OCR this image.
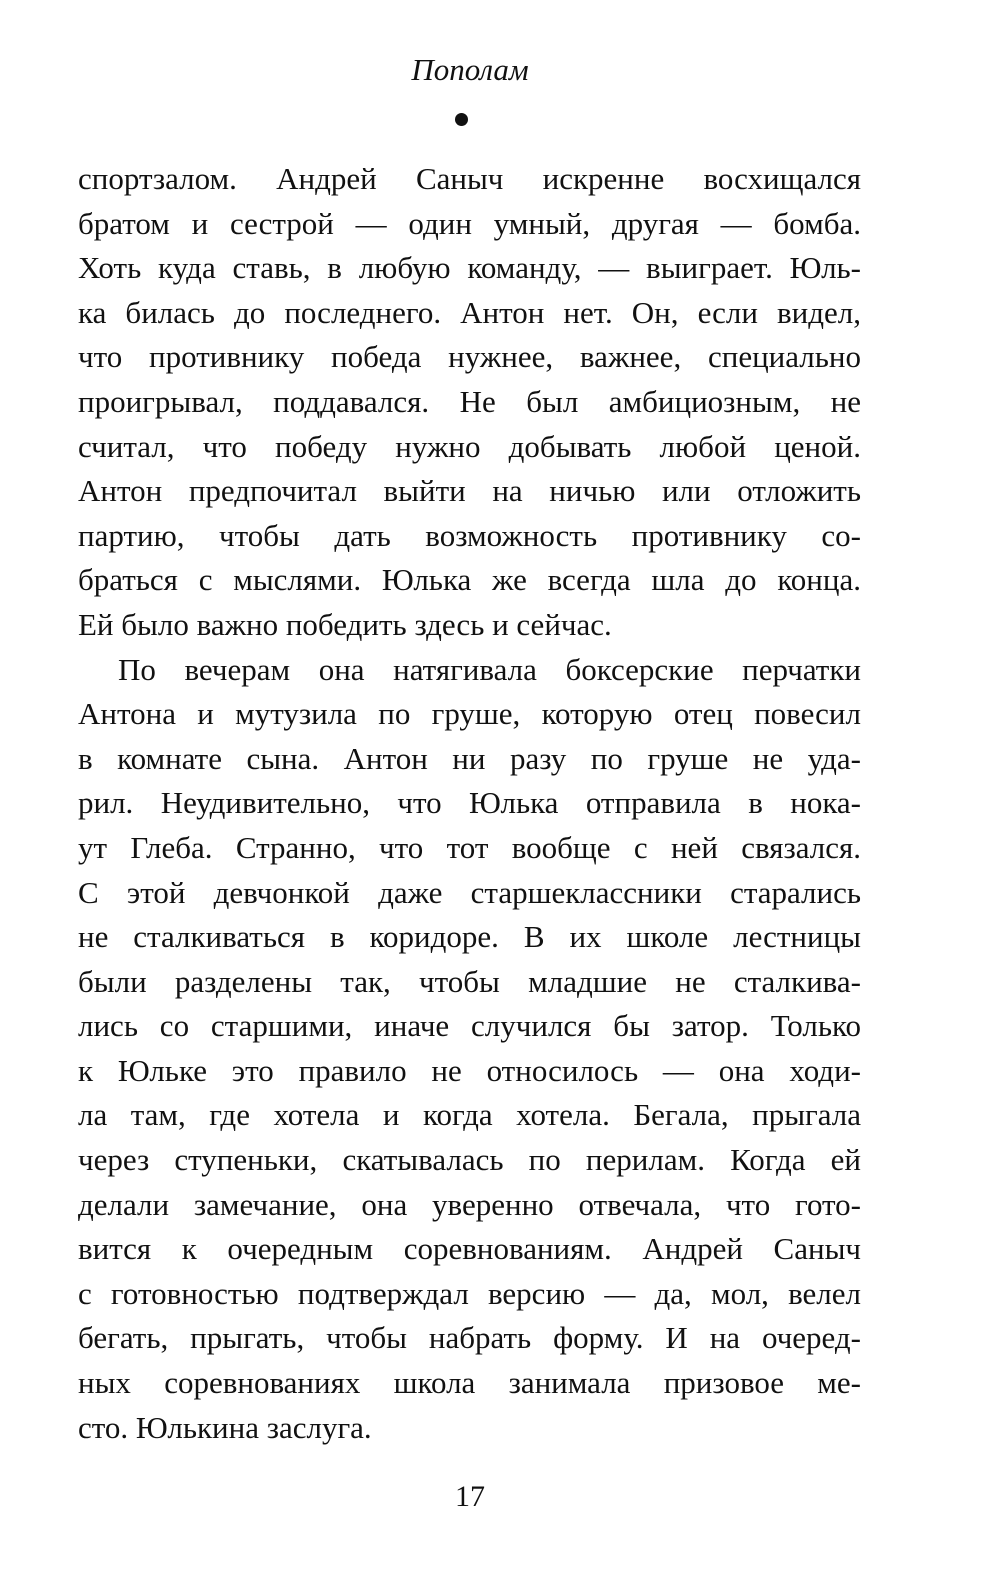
Пополам
спортзалом. Андрей Саныч искренне восхищался
братом и сестрой — один умный, другая — бомба.
Хоть куда ставь, в любую команду, — выиграет. Юль-
ка билась до последнего. Антон нет. Он, если видел,
что противнику победа нужнее, важнее, специально
проигрывал, поддавался. Не был амбициозным, не
считал, что победу нужно добывать любой ценой.
Антон предпочитал выйти на ничью или отложить
партию, чтобы дать возможность противнику со-
браться с мыслями. Юлька же всегда шла до конца.
Ей было важно победить здесь и сейчас.
По вечерам она натягивала боксерские перчатки
Антона и мутузила по груше, которую отец повесил
в комнате сына. Антон ни разу по груше не уда-
рил. Неудивительно, что Юлька отправила в нока-
ут Глеба. Странно, что тот вообще с ней связался.
С этой девчонкой даже старшеклассники старались
не сталкиваться в коридоре. В их школе лестницы
были разделены так, чтобы младшие не сталкива-
лись со старшими, иначе случился бы затор. Только
к Юльке это правило не относилось — она ходи-
ла там, где хотела и когда хотела. Бегала, прыгала
через ступеньки, скатывалась по перилам. Когда ей
делали замечание, она уверенно отвечала, что гото-
вится к очередным соревнованиям. Андрей Саныч
с готовностью подтверждал версию — да, мол, велел
бегать, прыгать, чтобы набрать форму. И на очеред-
ных соревнованиях школа занимала призовое ме-
сто. Юлькина заслуга.
17
